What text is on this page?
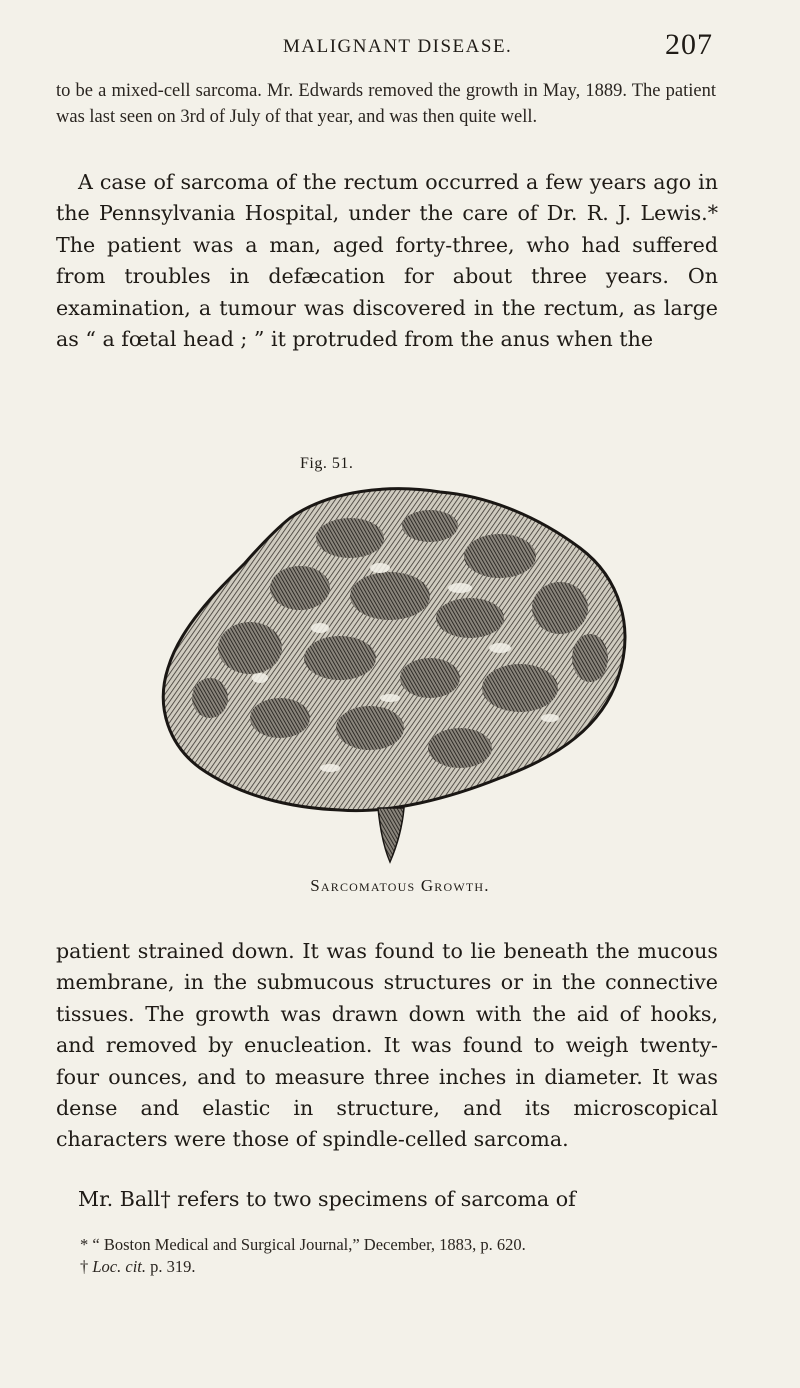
MALIGNANT DISEASE.	207

to be a mixed-cell sarcoma. Mr. Edwards removed the growth in May, 1889. The patient was last seen on 3rd of July of that year, and was then quite well.

A case of sarcoma of the rectum occurred a few years ago in the Pennsylvania Hospital, under the care of Dr. R. J. Lewis.* The patient was a man, aged forty-three, who had suffered from troubles in defæcation for about three years. On examination, a tumour was discovered in the rectum, as large as “ a fœtal head ; ” it protruded from the anus when the

Fig. 51.
Sarcomatous Growth.

patient strained down. It was found to lie beneath the mucous membrane, in the submucous structures or in the connective tissues. The growth was drawn down with the aid of hooks, and removed by enucleation. It was found to weigh twenty-four ounces, and to measure three inches in diameter. It was dense and elastic in structure, and its microscopical characters were those of spindle-celled sarcoma.

Mr. Ball† refers to two specimens of sarcoma of

* “ Boston Medical and Surgical Journal,” December, 1883, p. 620.

† Loc. cit. p. 319.
